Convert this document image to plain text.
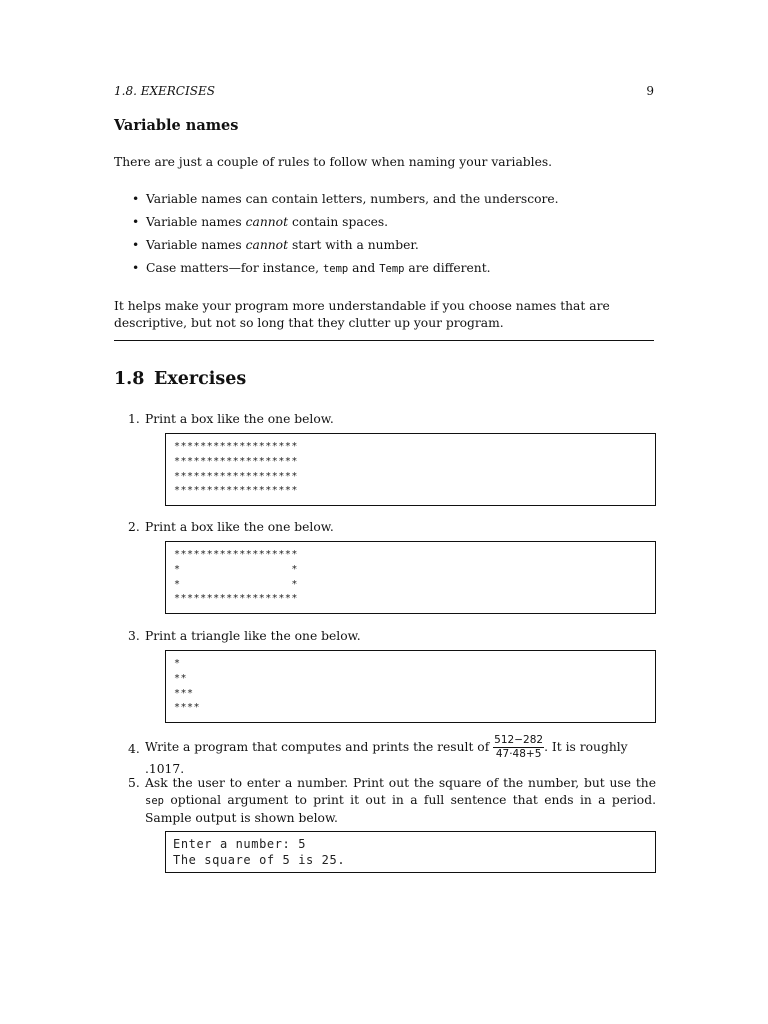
1.8. EXERCISES	9
Variable names

There are just a couple of rules to follow when naming your variables.

• Variable names can contain letters, numbers, and the underscore.
• Variable names cannot contain spaces.
• Variable names cannot start with a number.
• Case matters—for instance, temp and Temp are different.

It helps make your program more understandable if you choose names that are descriptive, but not so long that they clutter up your program.

1.8 Exercises
1. Print a box like the one below.
*******************
*******************
*******************
*******************
2. Print a box like the one below.
*******************
*                 *
*                 *
*******************
3. Print a triangle like the one below.
*
**
***
****
4. Write a program that computes and prints the result of $\frac{512-282}{47\cdot 48+5}$ . It is roughly .1017.
5. Ask the user to enter a number. Print out the square of the number, but use the sep optional argument to print it out in a full sentence that ends in a period. Sample output is shown below.
Enter a number: 5
The square of 5 is 25.
